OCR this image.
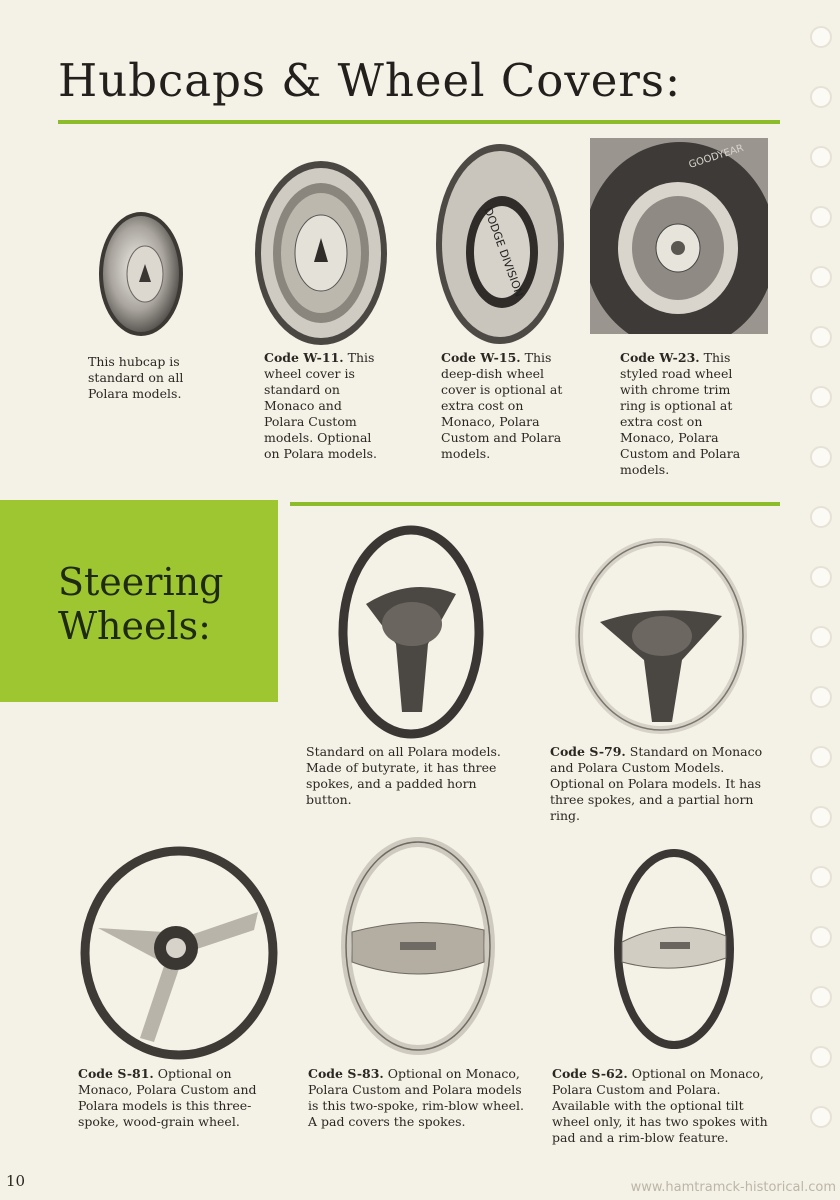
Hubcaps & Wheel Covers:
DODGE DIVISION
GOODYEAR
This hubcap is standard on all Polara models.
Code W-11. This wheel cover is standard on Monaco and Polara Custom models. Optional on Polara models.
Code W-15. This deep-dish wheel cover is optional at extra cost on Monaco, Polara Custom and Polara models.
Code W-23. This styled road wheel with chrome trim ring is optional at extra cost on Monaco, Polara Custom and Polara models.
Steering
Wheels:
Standard on all Polara models. Made of butyrate, it has three spokes, and a padded horn button.
Code S-79. Standard on Monaco and Polara Custom Models. Optional on Polara models. It has three spokes, and a partial horn ring.
Code S-81. Optional on Monaco, Polara Custom and Polara models is this three-spoke, wood-grain wheel.
Code S-83. Optional on Monaco, Polara Custom and Polara models is this two-spoke, rim-blow wheel. A pad covers the spokes.
Code S-62. Optional on Monaco, Polara Custom and Polara. Available with the optional tilt wheel only, it has two spokes with pad and a rim-blow feature.
10	www.hamtramck-historical.com
